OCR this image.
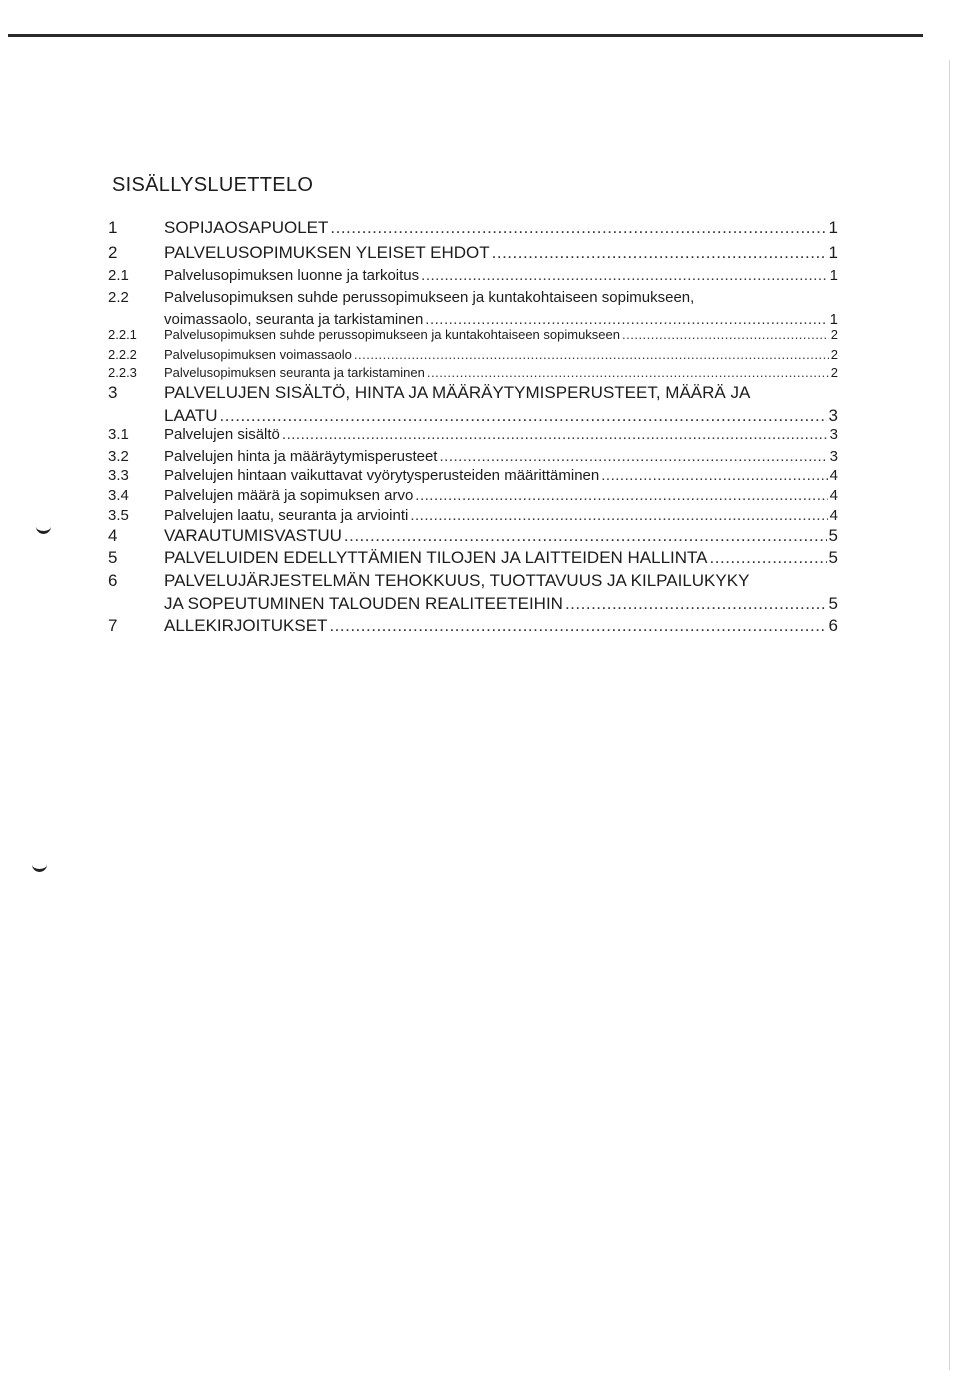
SISÄLLYSLUETTELO
1	SOPIJAOSAPUOLET .....	1
2	PALVELUSOPIMUKSEN YLEISET EHDOT .....	1
2.1 Palvelusopimuksen luonne ja tarkoitus .....	1
2.2 Palvelusopimuksen suhde perussopimukseen ja kuntakohtaiseen sopimukseen,
voimassaolo, seuranta ja tarkistaminen .....	1
2.2.1 Palvelusopimuksen suhde perussopimukseen ja kuntakohtaiseen sopimukseen .....	2
2.2.2 Palvelusopimuksen voimassaolo .....	2
2.2.3 Palvelusopimuksen seuranta ja tarkistaminen .....	2
3	PALVELUJEN SISÄLTÖ, HINTA JA MÄÄRÄYTYMISPERUSTEET, MÄÄRÄ JA
LAATU .....	3
3.1 Palvelujen sisältö .....	3
3.2 Palvelujen hinta ja määräytymisperusteet .....	3
3.3 Palvelujen hintaan vaikuttavat vyörytysperusteiden määrittäminen .....	4
3.4 Palvelujen määrä ja sopimuksen arvo .....	4
3.5 Palvelujen laatu, seuranta ja arviointi .....	4
4	VARAUTUMISVASTUU .....	5
5	PALVELUIDEN EDELLYTTÄMIEN TILOJEN JA LAITTEIDEN HALLINTA .....	5
6	PALVELUJÄRJESTELMÄN TEHOKKUUS, TUOTTAVUUS JA KILPAILUKYKY
JA SOPEUTUMINEN TALOUDEN REALITEETEIHIN .....	5
7	ALLEKIRJOITUKSET .....	6
